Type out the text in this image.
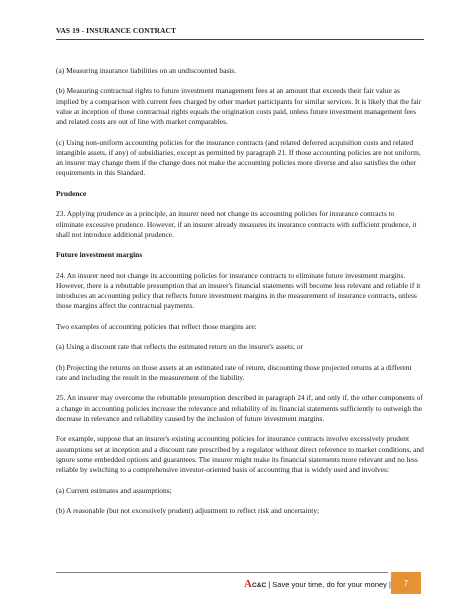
VAS 19 - INSURANCE CONTRACT

(a) Measuring insurance liabilities on an undiscounted basis.

(b) Measuring contractual rights to future investment management fees at an amount that exceeds their fair value as implied by a comparison with current fees charged by other market participants for similar services. It is likely that the fair value at inception of those contractual rights equals the origination costs paid, unless future investment management fees and related costs are out of line with market comparables.

(c) Using non-uniform accounting policies for the insurance contracts (and related deferred acquisition costs and related intangible assets, if any) of subsidiaries, except as permitted by paragraph 21. If those accounting policies are not uniform, an insurer may change them if the change does not make the accounting policies more diverse and also satisfies the other requirements in this Standard.

Prudence

23. Applying prudence as a principle, an insurer need not change its accounting policies for insurance contracts to eliminate excessive prudence. However, if an insurer already measures its insurance contracts with sufficient prudence, it shall not introduce additional prudence.

Future investment margins

24. An insurer need not change its accounting policies for insurance contracts to eliminate future investment margins. However, there is a rebuttable presumption that an insurer's financial statements will become less relevant and reliable if it introduces an accounting policy that reflects future investment margins in the measurement of insurance contracts, unless those margins affect the contractual payments.

Two examples of accounting policies that reflect those margins are:

(a) Using a discount rate that reflects the estimated return on the insurer's assets; or

(b) Projecting the returns on those assets at an estimated rate of return, discounting those projected returns at a different rate and including the result in the measurement of the liability.

25. An insurer may overcome the rebuttable presumption described in paragraph 24 if, and only if, the other components of a change in accounting policies increase the relevance and reliability of its financial statements sufficiently to outweigh the decrease in relevance and reliability caused by the inclusion of future investment margins.

For example, suppose that an insurer's existing accounting policies for insurance contracts involve excessively prudent assumptions set at inception and a discount rate prescribed by a regulator without direct reference to market conditions, and ignore some embedded options and guarantees. The insurer might make its financial statements more relevant and no less reliable by switching to a comprehensive investor-oriented basis of accounting that is widely used and involves:

(a) Current estimates and assumptions;

(b) A reasonable (but not excessively prudent) adjustment to reflect risk and uncertainty;

A C&C | Save your time, do for your money | 7
